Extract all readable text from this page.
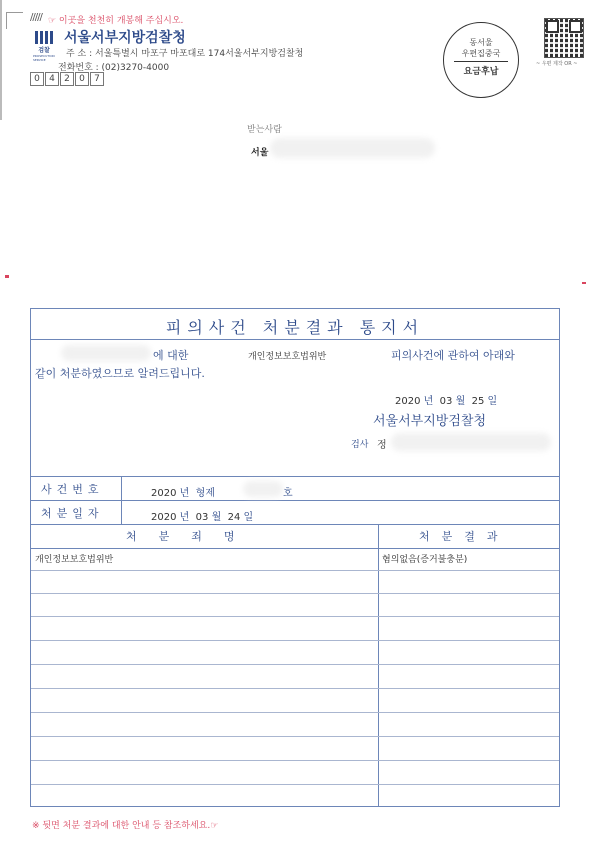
///// ☞ 이곳을 천천히 개봉해 주십시오.
검찰
PROSECUTION SERVICE
서울서부지방검찰청
주 소 : 서울특별시 마포구 마포대로 174서울서부지방검찰청
전화번호 : (02)3270-4000
0	4	2	0	7
동서울
우편집중국
요금후납
~ 우편 제작 OR ~
받는사람
서울
피의사건 처분결과 통지서
에 대한	개인정보보호법위반	피의사건에 관하여 아래와
같이 처분하였으므로 알려드립니다.
2020 년 03 월 25 일
서울서부지방검찰청
검사 정
사건번호	2020 년 형제	호
처분일자	2020 년 03 월 24 일
처분죄명	처분결과
개인정보보호법위반	혐의없음(증거불충분)
※ 뒷면 처분 결과에 대한 안내 등 참조하세요.☞
